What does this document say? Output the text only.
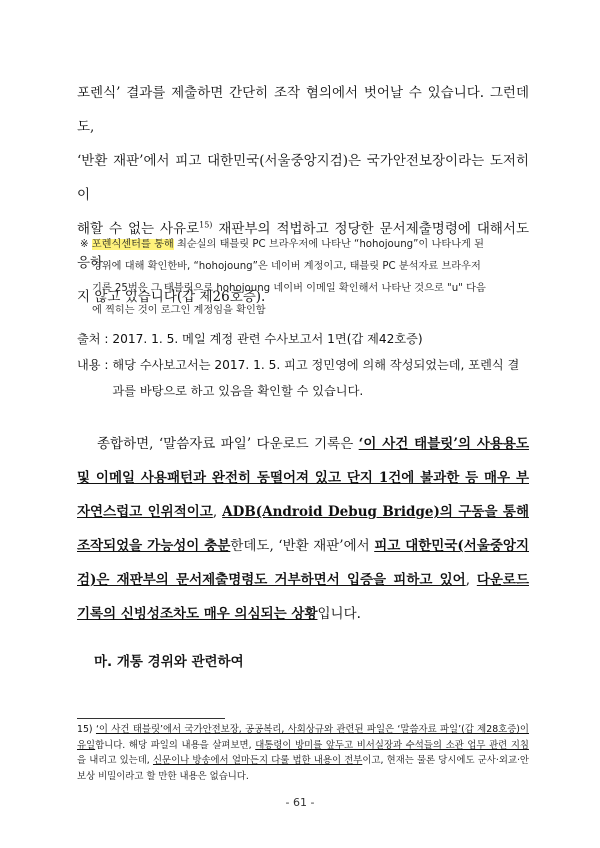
포렌식’ 결과를 제출하면 간단히 조작 혐의에서 벗어날 수 있습니다. 그런데도,
‘반환 재판’에서 피고 대한민국(서울중앙지검)은 국가안전보장이라는 도저히 이
해할 수 없는 사유로$^{15)}$ 재판부의 적법하고 정당한 문서제출명령에 대해서도 응하
지 않고 있습니다(갑 제26호증).
※ 포렌식센터를 통해 최순실의 태블릿 PC 브라우저에 나타난 “hohojoung”이 나타나게 된
경위에 대해 확인한바, “hohojoung”은 네이버 계정이고, 태블릿 PC 분석자료 브라우저
기록 25번은 그 태블릿으로 hohojoung 네이버 이메일 확인해서 나타난 것으로 "u" 다음
에 찍히는 것이 로그인 계정임을 확인함
출처 : 2017. 1. 5. 메일 계정 관련 수사보고서 1면(갑 제42호증)
내용 : 해당 수사보고서는 2017. 1. 5. 피고 정민영에 의해 작성되었는데, 포렌식 결과를 바탕으로 하고 있음을 확인할 수 있습니다.
종합하면, ‘말씀자료 파일’ 다운로드 기록은 ‘이 사건 태블릿’의 사용용도 및 이메일 사용패턴과 완전히 동떨어져 있고 단지 1건에 불과한 등 매우 부자연스럽고 인위적이고, ADB(Android Debug Bridge)의 구동을 통해 조작되었을 가능성이 충분한데도, ‘반환 재판’에서 피고 대한민국(서울중앙지검)은 재판부의 문서제출명령도 거부하면서 입증을 피하고 있어, 다운로드 기록의 신빙성조차도 매우 의심되는 상황입니다.
마. 개통 경위와 관련하여
15) ‘이 사건 태블릿’에서 국가안전보장, 공공복리, 사회상규와 관련된 파일은 ‘말씀자료 파일’(갑 제28호증)이 유일합니다. 해당 파일의 내용을 살펴보면, 대통령이 방미를 앞두고 비서실장과 수석들의 소관 업무 관련 지침을 내리고 있는데, 신문이나 방송에서 얼마든지 다룰 법한 내용이 전부이고, 현재는 물론 당시에도 군사·외교·안보상 비밀이라고 할 만한 내용은 없습니다.
- 61 -
